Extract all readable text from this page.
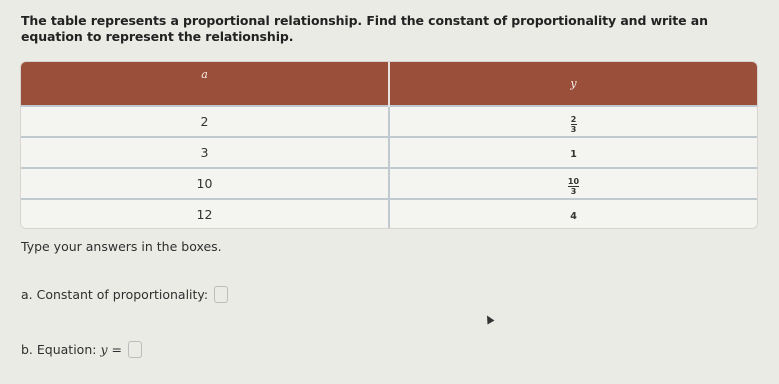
The table represents a proportional relationship. Find the constant of proportionality and write an equation to represent the relationship.
a	y
2	$\frac{2}{3}$

3	1
10	$\frac{10}{3}$

12	4
Type your answers in the boxes.
a. Constant of proportionality:
b. Equation: y =
